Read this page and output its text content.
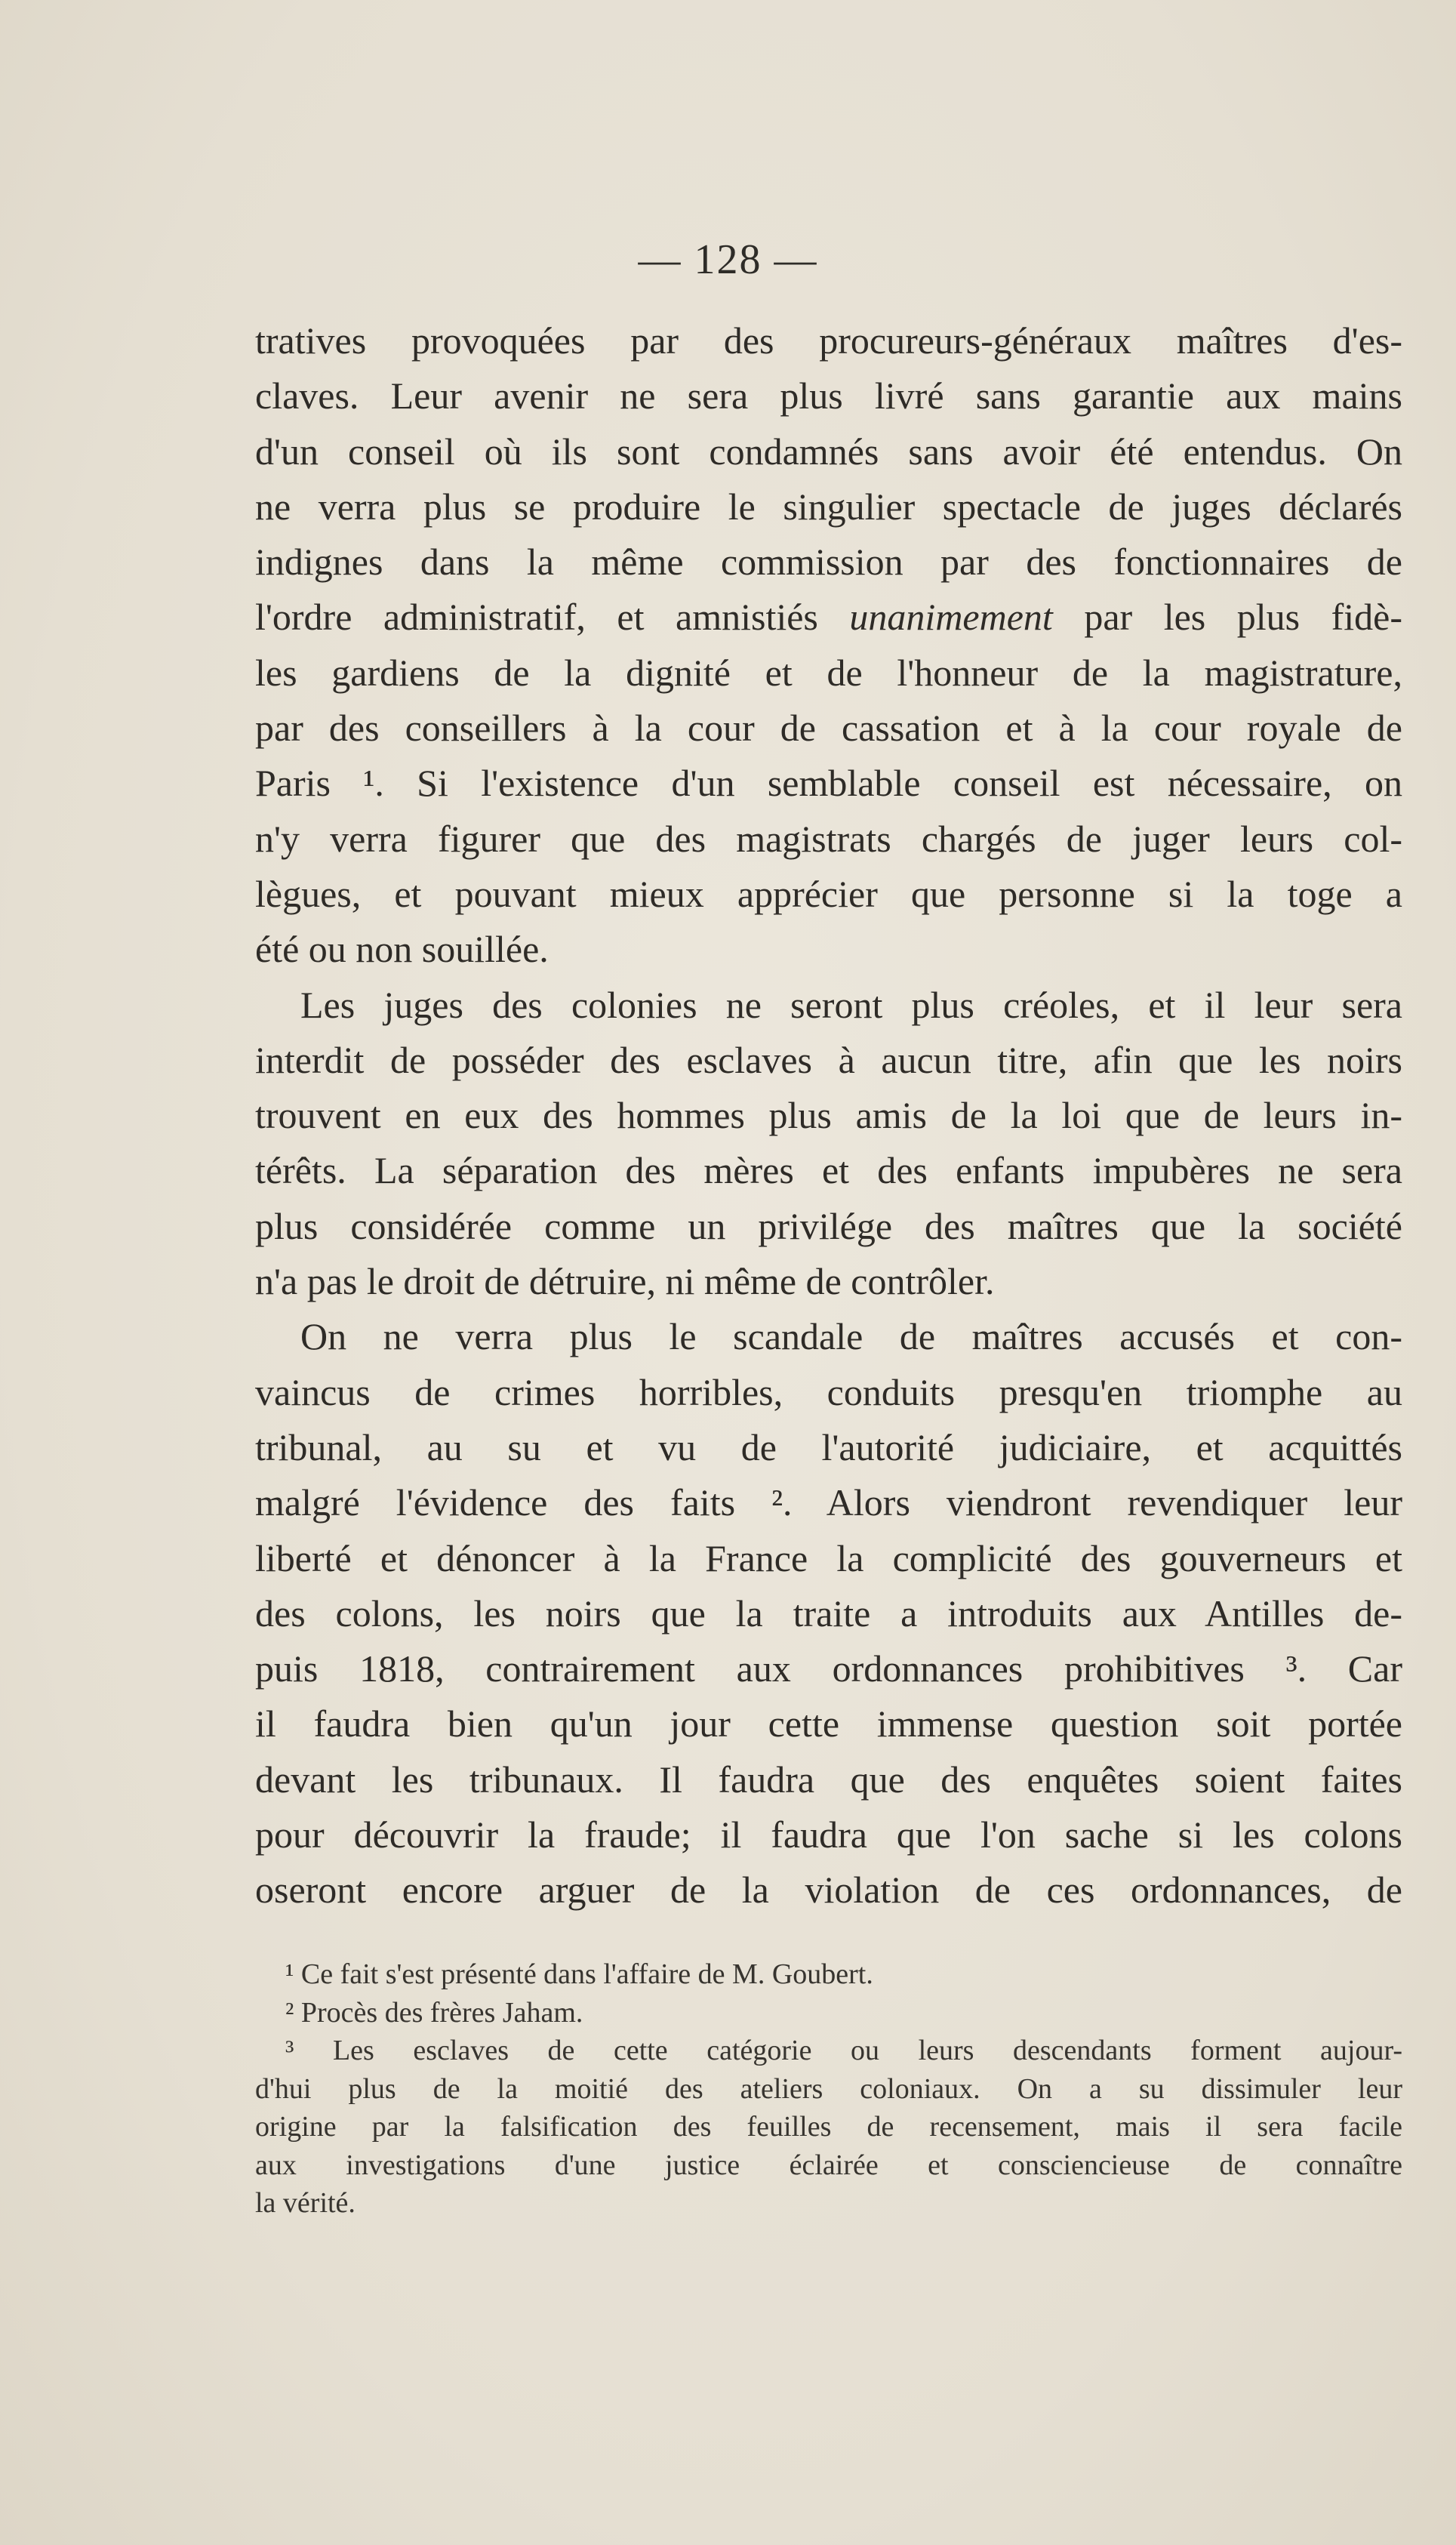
— 128 —
tratives provoquées par des procureurs-généraux maîtres d'es-
claves. Leur avenir ne sera plus livré sans garantie aux mains
d'un conseil où ils sont condamnés sans avoir été entendus. On
ne verra plus se produire le singulier spectacle de juges déclarés
indignes dans la même commission par des fonctionnaires de
l'ordre administratif, et amnistiés unanimement par les plus fidè-
les gardiens de la dignité et de l'honneur de la magistrature,
par des conseillers à la cour de cassation et à la cour royale de
Paris ¹. Si l'existence d'un semblable conseil est nécessaire, on
n'y verra figurer que des magistrats chargés de juger leurs col-
lègues, et pouvant mieux apprécier que personne si la toge a
été ou non souillée.
Les juges des colonies ne seront plus créoles, et il leur sera
interdit de posséder des esclaves à aucun titre, afin que les noirs
trouvent en eux des hommes plus amis de la loi que de leurs in-
térêts. La séparation des mères et des enfants impubères ne sera
plus considérée comme un privilége des maîtres que la société
n'a pas le droit de détruire, ni même de contrôler.
On ne verra plus le scandale de maîtres accusés et con-
vaincus de crimes horribles, conduits presqu'en triomphe au
tribunal, au su et vu de l'autorité judiciaire, et acquittés
malgré l'évidence des faits ². Alors viendront revendiquer leur
liberté et dénoncer à la France la complicité des gouverneurs et
des colons, les noirs que la traite a introduits aux Antilles de-
puis 1818, contrairement aux ordonnances prohibitives ³. Car
il faudra bien qu'un jour cette immense question soit portée
devant les tribunaux. Il faudra que des enquêtes soient faites
pour découvrir la fraude; il faudra que l'on sache si les colons
oseront encore arguer de la violation de ces ordonnances, de
¹ Ce fait s'est présenté dans l'affaire de M. Goubert.
² Procès des frères Jaham.
³ Les esclaves de cette catégorie ou leurs descendants forment aujour-
d'hui plus de la moitié des ateliers coloniaux. On a su dissimuler leur
origine par la falsification des feuilles de recensement, mais il sera facile
aux investigations d'une justice éclairée et consciencieuse de connaître
la vérité.
